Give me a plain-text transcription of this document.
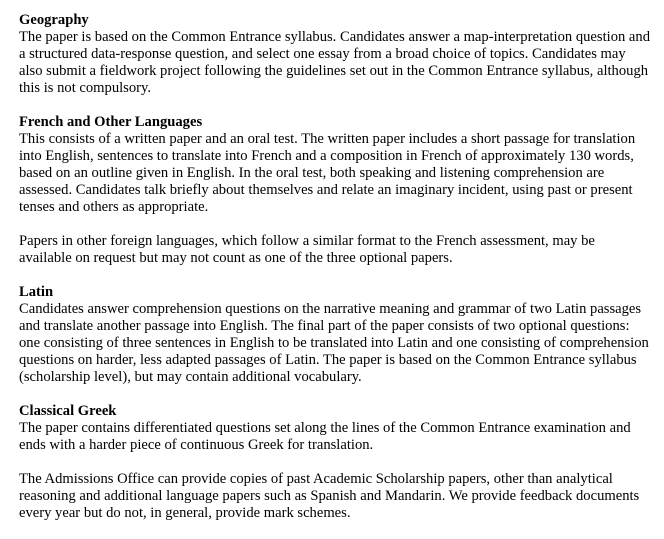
Geography
The paper is based on the Common Entrance syllabus. Candidates answer a map-interpretation question and a structured data-response question, and select one essay from a broad choice of topics. Candidates may also submit a fieldwork project following the guidelines set out in the Common Entrance syllabus, although this is not compulsory.
French and Other Languages
This consists of a written paper and an oral test. The written paper includes a short passage for translation into English, sentences to translate into French and a composition in French of approximately 130 words, based on an outline given in English. In the oral test, both speaking and listening comprehension are assessed. Candidates talk briefly about themselves and relate an imaginary incident, using past or present tenses and others as appropriate.
Papers in other foreign languages, which follow a similar format to the French assessment, may be available on request but may not count as one of the three optional papers.
Latin
Candidates answer comprehension questions on the narrative meaning and grammar of two Latin passages and translate another passage into English. The final part of the paper consists of two optional questions: one consisting of three sentences in English to be translated into Latin and one consisting of comprehension questions on harder, less adapted passages of Latin. The paper is based on the Common Entrance syllabus (scholarship level), but may contain additional vocabulary.
Classical Greek
The paper contains differentiated questions set along the lines of the Common Entrance examination and ends with a harder piece of continuous Greek for translation.
The Admissions Office can provide copies of past Academic Scholarship papers, other than analytical reasoning and additional language papers such as Spanish and Mandarin. We provide feedback documents every year but do not, in general, provide mark schemes.
